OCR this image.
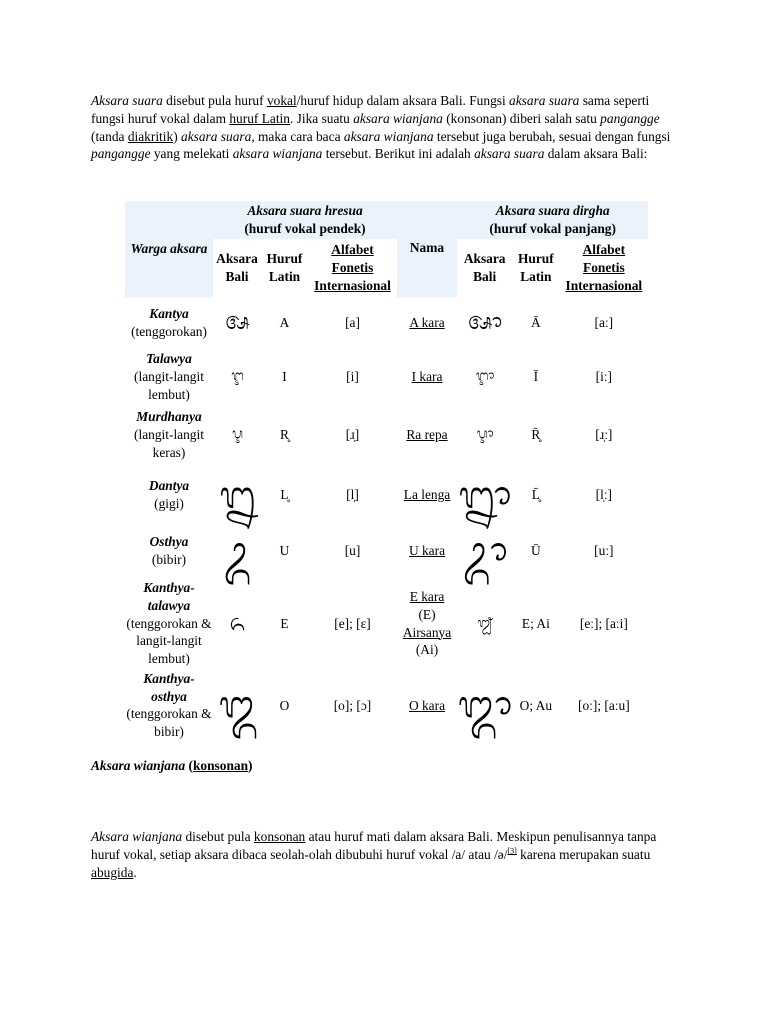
Aksara suara disebut pula huruf vokal/huruf hidup dalam aksara Bali. Fungsi aksara suara sama seperti fungsi huruf vokal dalam huruf Latin. Jika suatu aksara wianjana (konsonan) diberi salah satu pangangge (tanda diakritik) aksara suara, maka cara baca aksara wianjana tersebut juga berubah, sesuai dengan fungsi pangangge yang melekati aksara wianjana tersebut. Berikut ini adalah aksara suara dalam aksara Bali:

Warga aksara	Aksara suara hresua
(huruf vokal pendek)			Nama	Aksara suara dirgha
(huruf vokal panjang)		
	Aksara Bali	Huruf Latin	Alfabet Fonetis Internasional		Aksara Bali	Huruf Latin	Alfabet Fonetis Internasional
Kantya
(tenggorokan)	ᬅ	A	[a]	A kara	ᬆ	Ā	[aː]
Talawya
(langit-langit lembut)	ᬇ	I	[i]	I kara	ᬈ	Ī	[iː]
Murdhanya
(langit-langit keras)	ᬋ	R̥	[ɹ̩]	Ra repa	ᬌ	R̥̄	[ɹ̩ː]
Dantya
(gigi)	ᬍ	L̥	[l̩]	La lenga	ᬎ	L̥̄	[l̩ː]
Osthya
(bibir)	ᬉ	U	[u]	U kara	ᬊ	Ū	[uː]
Kanthya-talawya
(tenggorokan & langit-langit lembut)	ᬏ	E	[e]; [ɛ]	E kara
(E)
Airsanya
(Ai)	ᬐ	E; Ai	[eː]; [aːi]
Kanthya-osthya
(tenggorokan & bibir)	ᬑ	O	[o]; [ɔ]	O kara	ᬒ	O; Au	[oː]; [aːu]

Aksara wianjana (konsonan)

Aksara wianjana disebut pula konsonan atau huruf mati dalam aksara Bali. Meskipun penulisannya tanpa huruf vokal, setiap aksara dibaca seolah-olah dibubuhi huruf vokal /a/ atau /ə/[3] karena merupakan suatu abugida.
